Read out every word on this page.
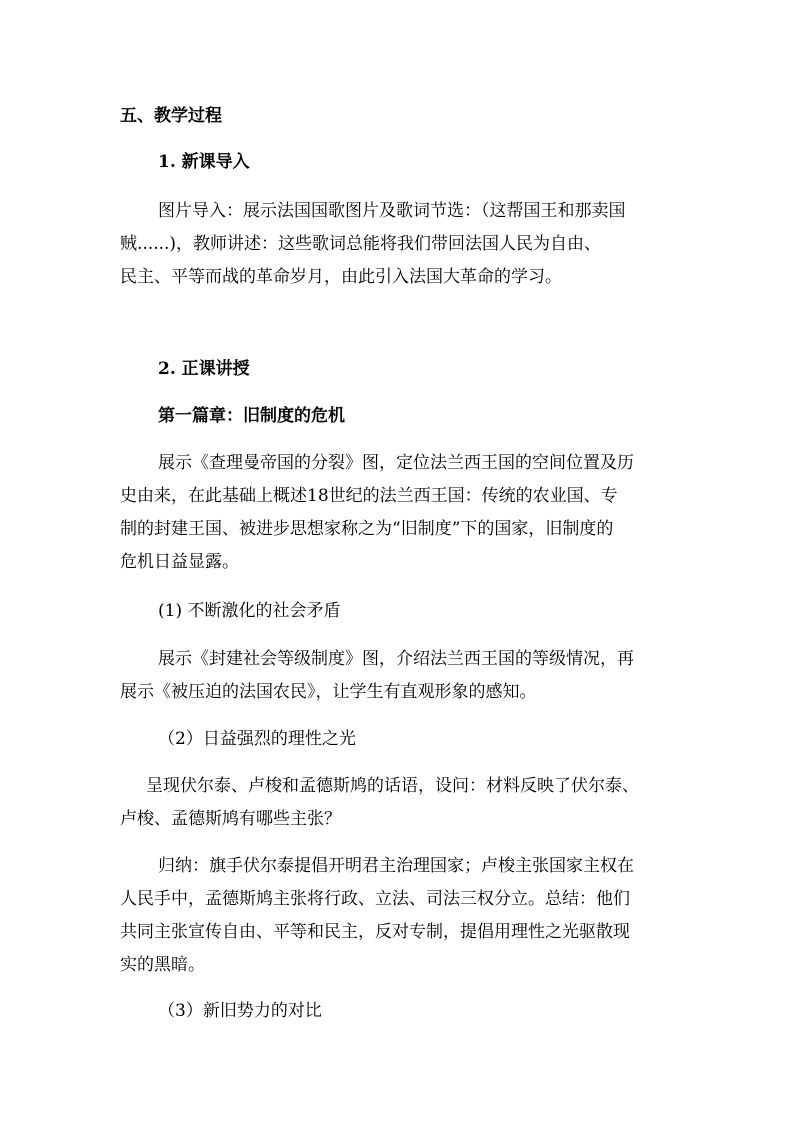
五、教学过程
1. 新课导入
图片导入：展示法国国歌图片及歌词节选：（这帮国王和那卖国
贼......)，教师讲述：这些歌词总能将我们带回法国人民为自由、
民主、平等而战的革命岁月，由此引入法国大革命的学习。
2. 正课讲授
第一篇章：旧制度的危机
展示《查理曼帝国的分裂》图，定位法兰西王国的空间位置及历
史由来，在此基础上概述18世纪的法兰西王国：传统的农业国、专
制的封建王国、被进步思想家称之为“旧制度”下的国家，旧制度的
危机日益显露。
(1) 不断激化的社会矛盾
展示《封建社会等级制度》图，介绍法兰西王国的等级情况，再
展示《被压迫的法国农民》，让学生有直观形象的感知。
（2）日益强烈的理性之光
呈现伏尔泰、卢梭和孟德斯鸠的话语，设问：材料反映了伏尔泰、
卢梭、孟德斯鸠有哪些主张？
归纳：旗手伏尔泰提倡开明君主治理国家；卢梭主张国家主权在
人民手中，孟德斯鸠主张将行政、立法、司法三权分立。总结：他们
共同主张宣传自由、平等和民主，反对专制，提倡用理性之光驱散现
实的黑暗。
（3）新旧势力的对比
